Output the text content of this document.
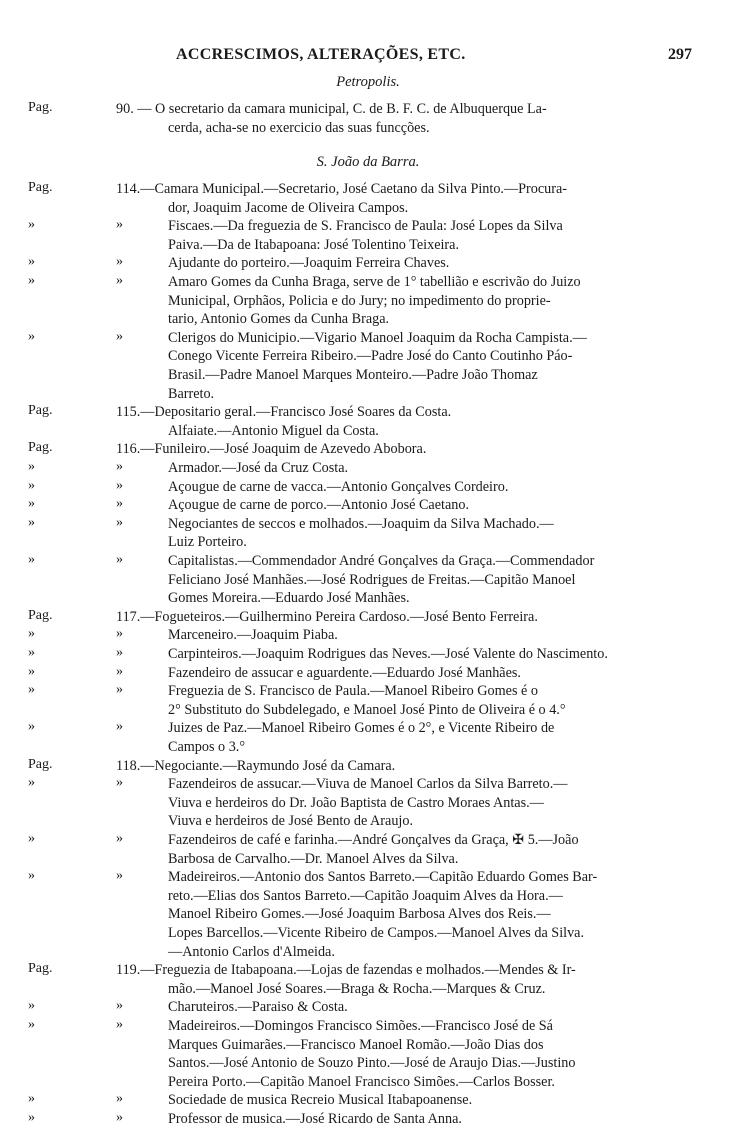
ACCRESCIMOS, ALTERAÇÕES, ETC.	297
Petropolis.
Pag.	90. — O secretario da camara municipal, C. de B. F. C. de Albuquerque La-
cerda, acha-se no exercicio das suas funcções.
S. João da Barra.
Pag.	114.—Camara Municipal.—Secretario, José Caetano da Silva Pinto.—Procura-
dor, Joaquim Jacome de Oliveira Campos.
»	»	Fiscaes.—Da freguezia de S. Francisco de Paula: José Lopes da Silva
Paiva.—Da de Itabapoana: José Tolentino Teixeira.
»	»	Ajudante do porteiro.—Joaquim Ferreira Chaves.
»	»	Amaro Gomes da Cunha Braga, serve de 1° tabellião e escrivão do Juizo
Municipal, Orphãos, Policia e do Jury; no impedimento do proprie-
tario, Antonio Gomes da Cunha Braga.
»	»	Clerigos do Municipio.—Vigario Manoel Joaquim da Rocha Campista.—
Conego Vicente Ferreira Ribeiro.—Padre José do Canto Coutinho Páo-
Brasil.—Padre Manoel Marques Monteiro.—Padre João Thomaz
Barreto.
Pag.	115.—Depositario geral.—Francisco José Soares da Costa.
Alfaiate.—Antonio Miguel da Costa.
Pag.	116.—Funileiro.—José Joaquim de Azevedo Abobora.
»	»	Armador.—José da Cruz Costa.
»	»	Açougue de carne de vacca.—Antonio Gonçalves Cordeiro.
»	»	Açougue de carne de porco.—Antonio José Caetano.
»	»	Negociantes de seccos e molhados.—Joaquim da Silva Machado.—
Luiz Porteiro.
»	»	Capitalistas.—Commendador André Gonçalves da Graça.—Commendador
Feliciano José Manhães.—José Rodrigues de Freitas.—Capitão Manoel
Gomes Moreira.—Eduardo José Manhães.
Pag.	117.—Fogueteiros.—Guilhermino Pereira Cardoso.—José Bento Ferreira.
»	»	Marceneiro.—Joaquim Piaba.
»	»	Carpinteiros.—Joaquim Rodrigues das Neves.—José Valente do Nascimento.
»	»	Fazendeiro de assucar e aguardente.—Eduardo José Manhães.
»	»	Freguezia de S. Francisco de Paula.—Manoel Ribeiro Gomes é o
2° Substituto do Subdelegado, e Manoel José Pinto de Oliveira é o 4.°
»	»	Juizes de Paz.—Manoel Ribeiro Gomes é o 2°, e Vicente Ribeiro de
Campos o 3.°
Pag.	118.—Negociante.—Raymundo José da Camara.
»	»	Fazendeiros de assucar.—Viuva de Manoel Carlos da Silva Barreto.—
Viuva e herdeiros do Dr. João Baptista de Castro Moraes Antas.—
Viuva e herdeiros de José Bento de Araujo.
»	»	Fazendeiros de café e farinha.—André Gonçalves da Graça, ✠ 5.—João
Barbosa de Carvalho.—Dr. Manoel Alves da Silva.
»	»	Madeireiros.—Antonio dos Santos Barreto.—Capitão Eduardo Gomes Bar-
reto.—Elias dos Santos Barreto.—Capitão Joaquim Alves da Hora.—
Manoel Ribeiro Gomes.—José Joaquim Barbosa Alves dos Reis.—
Lopes Barcellos.—Vicente Ribeiro de Campos.—Manoel Alves da Silva.
—Antonio Carlos d'Almeida.
Pag.	119.—Freguezia de Itabapoana.—Lojas de fazendas e molhados.—Mendes & Ir-
mão.—Manoel José Soares.—Braga & Rocha.—Marques & Cruz.
»	»	Charuteiros.—Paraiso & Costa.
»	»	Madeireiros.—Domingos Francisco Simões.—Francisco José de Sá
Marques Guimarães.—Francisco Manoel Romão.—João Dias dos
Santos.—José Antonio de Souzo Pinto.—José de Araujo Dias.—Justino
Pereira Porto.—Capitão Manoel Francisco Simões.—Carlos Bosser.
»	»	Sociedade de musica Recreio Musical Itabapoanense.
»	»	Professor de musica.—José Ricardo de Santa Anna.
